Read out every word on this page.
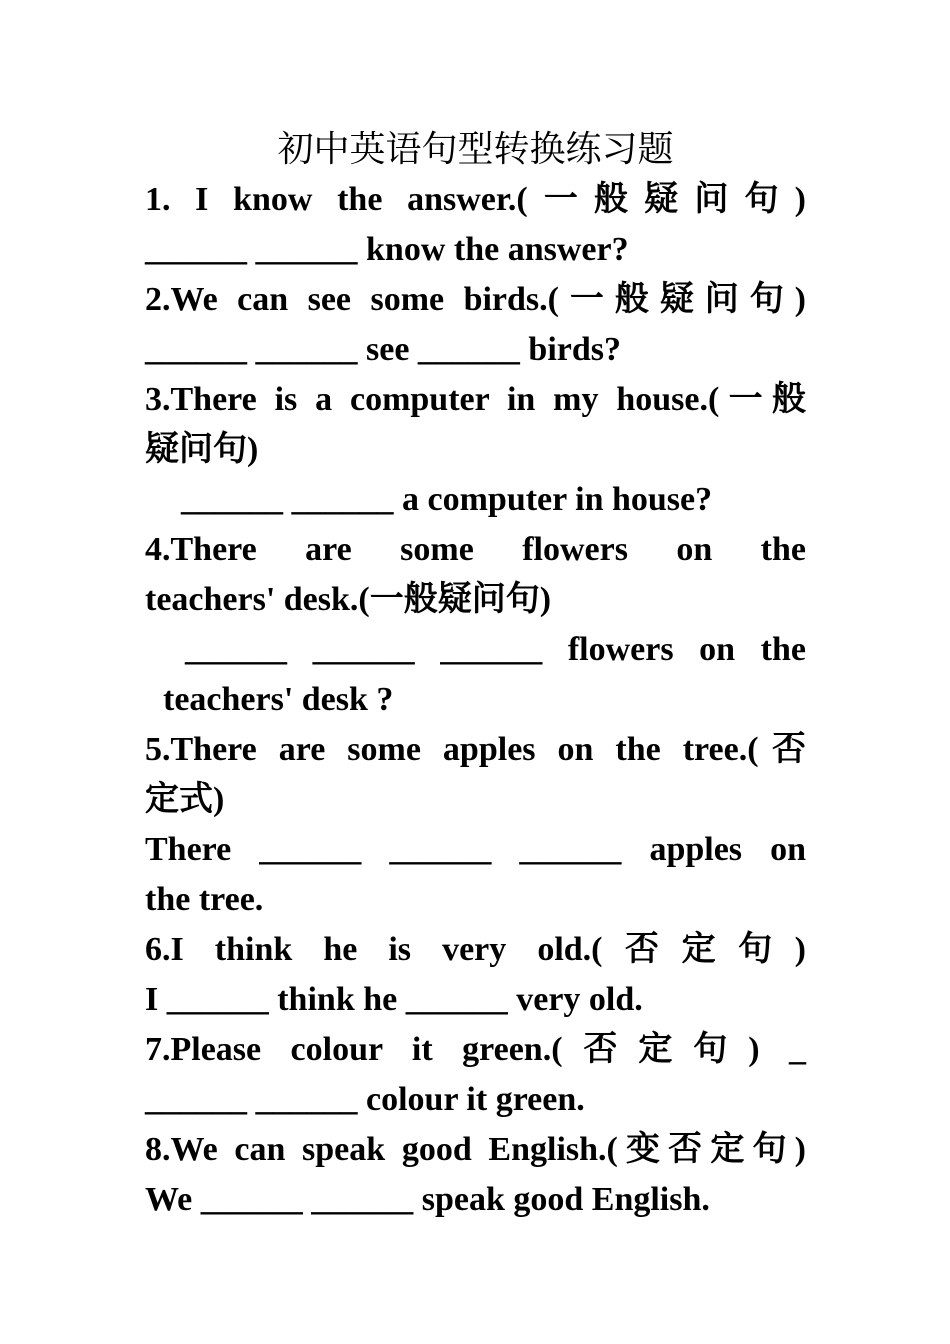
初中英语句型转换练习题
1. I know the answer.(一般疑问句)
______ ______ know the answer?
2.We can see some birds.(一般疑问句)
______ ______ see ______ birds?
3.There is a computer in my house.(一般
疑问句)
______ ______ a computer in house?
4.There are some flowers on the
teachers' desk.(一般疑问句)
______ ______ ______ flowers on the
teachers' desk ?
5.There are some apples on the tree.(否
定式)
There ______ ______ ______ apples on
the tree.
6.I think he is very old.(否定句)
I ______ think he ______ very old.
7.Please colour it green.(否定句) _
______ ______ colour it green.
8.We can speak good English.(变否定句)
We ______ ______ speak good English.
